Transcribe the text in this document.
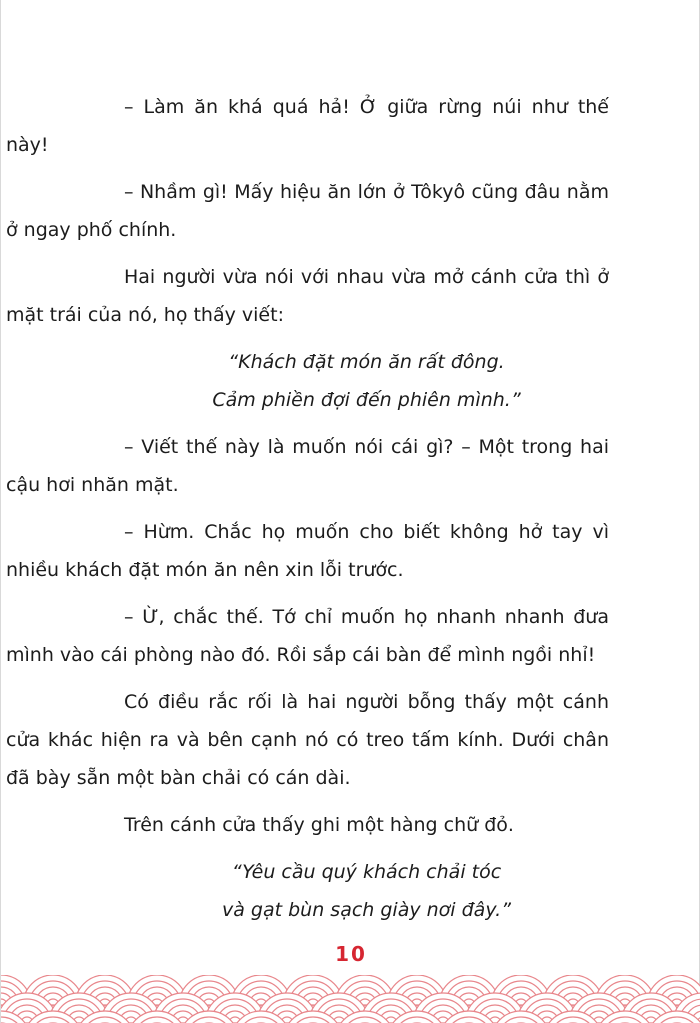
– Làm ăn khá quá hả! Ở giữa rừng núi như thế này!

– Nhầm gì! Mấy hiệu ăn lớn ở Tôkyô cũng đâu nằm ở ngay phố chính.

Hai người vừa nói với nhau vừa mở cánh cửa thì ở mặt trái của nó, họ thấy viết:

“Khách đặt món ăn rất đông.
Cảm phiền đợi đến phiên mình.”

– Viết thế này là muốn nói cái gì? – Một trong hai cậu hơi nhăn mặt.

– Hừm. Chắc họ muốn cho biết không hở tay vì nhiều khách đặt món ăn nên xin lỗi trước.

– Ừ, chắc thế. Tớ chỉ muốn họ nhanh nhanh đưa mình vào cái phòng nào đó. Rồi sắp cái bàn để mình ngồi nhỉ!

Có điều rắc rối là hai người bỗng thấy một cánh cửa khác hiện ra và bên cạnh nó có treo tấm kính. Dưới chân đã bày sẵn một bàn chải có cán dài.

Trên cánh cửa thấy ghi một hàng chữ đỏ.

“Yêu cầu quý khách chải tóc
và gạt bùn sạch giày nơi đây.”
10
